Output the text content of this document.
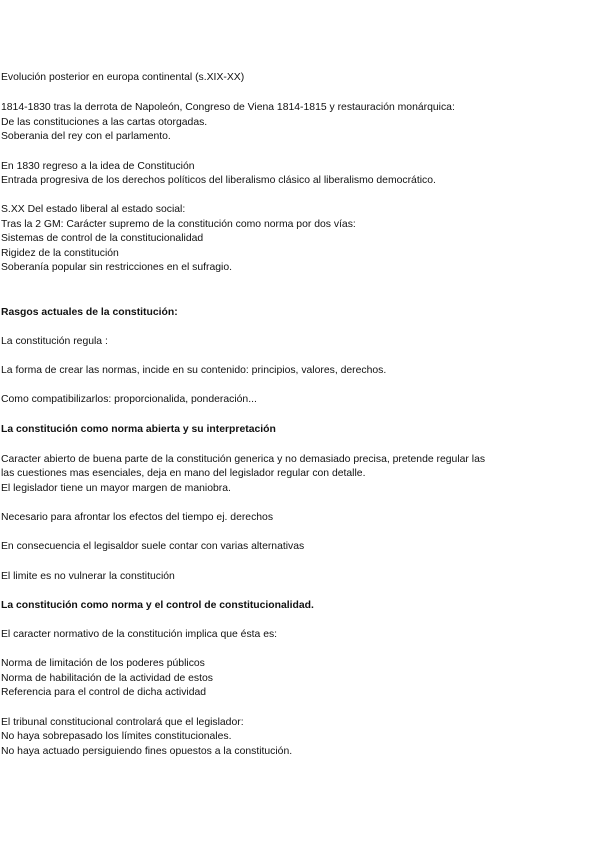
Evolución posterior en europa continental (s.XIX-XX)

1814-1830 tras la derrota de Napoleón, Congreso de Viena 1814-1815 y restauración monárquica:

De las constituciones a las cartas otorgadas.

Soberania del rey con el parlamento.

En 1830 regreso a la idea de Constitución

Entrada progresiva de los derechos políticos del liberalismo clásico al liberalismo democrático.

S.XX Del estado liberal al estado social:

Tras la 2 GM: Carácter supremo de la constitución como norma por dos vías:

Sistemas de control de la constitucionalidad

Rigidez de la constitución

Soberanía popular sin restricciones en el sufragio.

Rasgos actuales de la constitución:

La constitución regula :

La forma de crear las normas, incide en su contenido: principios, valores, derechos.

Como compatibilizarlos: proporcionalida, ponderación...

La constitución como norma abierta y su interpretación

Caracter abierto de buena parte de la constitución generica y no demasiado precisa, pretende regular las

las cuestiones mas esenciales, deja en mano del legislador regular con detalle.

El legislador tiene un mayor margen de maniobra.

Necesario para afrontar los efectos del tiempo ej. derechos

En consecuencia el legisaldor suele contar con varias alternativas

El limite es no vulnerar la constitución

La constitución como norma y el control de constitucionalidad.

El caracter normativo de la constitución implica que ésta es:

Norma de limitación de los poderes públicos

Norma de habilitación de la actividad de estos

Referencia para el control de dicha actividad

El tribunal constitucional controlará que el legislador:

No haya sobrepasado los límites constitucionales.

No haya actuado persiguiendo fines opuestos a la constitución.
